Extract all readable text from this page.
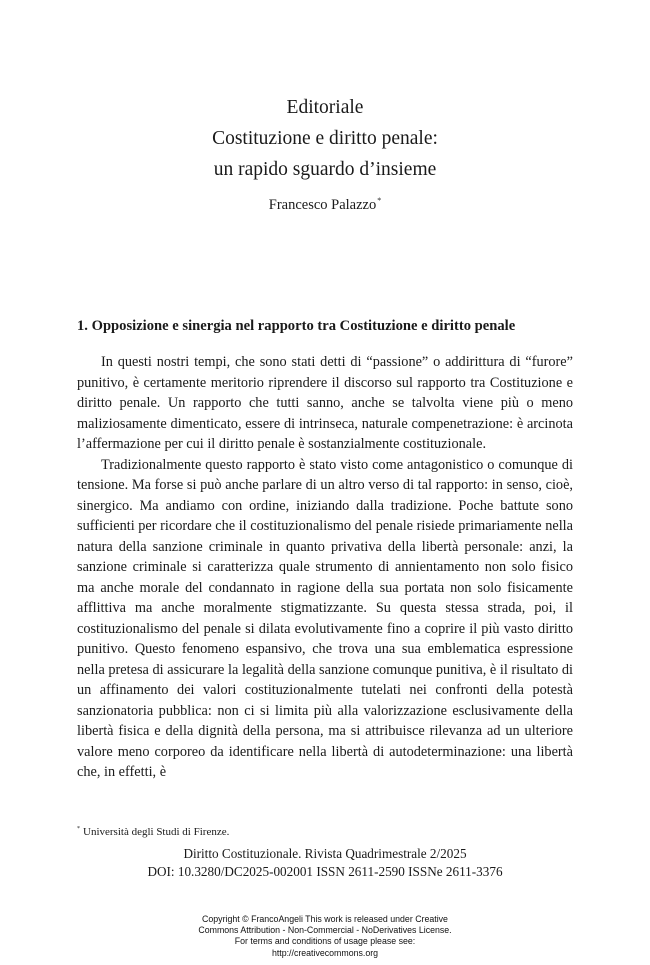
Editoriale
Costituzione e diritto penale:
un rapido sguardo d’insieme
Francesco Palazzo*
1. Opposizione e sinergia nel rapporto tra Costituzione e diritto penale

In questi nostri tempi, che sono stati detti di “passione” o addirittura di “furore” punitivo, è certamente meritorio riprendere il discorso sul rapporto tra Costituzione e diritto penale. Un rapporto che tutti sanno, anche se talvolta viene più o meno maliziosamente dimenticato, essere di intrinseca, naturale compenetrazione: è arcinota l’affermazione per cui il diritto penale è sostanzialmente costituzionale.

Tradizionalmente questo rapporto è stato visto come antagonistico o comunque di tensione. Ma forse si può anche parlare di un altro verso di tal rapporto: in senso, cioè, sinergico. Ma andiamo con ordine, iniziando dalla tradizione. Poche battute sono sufficienti per ricordare che il costituzionalismo del penale risiede primariamente nella natura della sanzione criminale in quanto privativa della libertà personale: anzi, la sanzione criminale si caratterizza quale strumento di annientamento non solo fisico ma anche morale del condannato in ragione della sua portata non solo fisicamente afflittiva ma anche moralmente stigmatizzante. Su questa stessa strada, poi, il costituzionalismo del penale si dilata evolutivamente fino a coprire il più vasto diritto punitivo. Questo fenomeno espansivo, che trova una sua emblematica espressione nella pretesa di assicurare la legalità della sanzione comunque punitiva, è il risultato di un affinamento dei valori costituzionalmente tutelati nei confronti della potestà sanzionatoria pubblica: non ci si limita più alla valorizzazione esclusivamente della libertà fisica e della dignità della persona, ma si attribuisce rilevanza ad un ulteriore valore meno corporeo da identificare nella libertà di autodeterminazione: una libertà che, in effetti, è

* Università degli Studi di Firenze.
Diritto Costituzionale. Rivista Quadrimestrale 2/2025
DOI: 10.3280/DC2025-002001 ISSN 2611-2590 ISSNe 2611-3376
Copyright © FrancoAngeli This work is released under Creative
Commons Attribution - Non-Commercial - NoDerivatives License.
For terms and conditions of usage please see:
http://creativecommons.org
